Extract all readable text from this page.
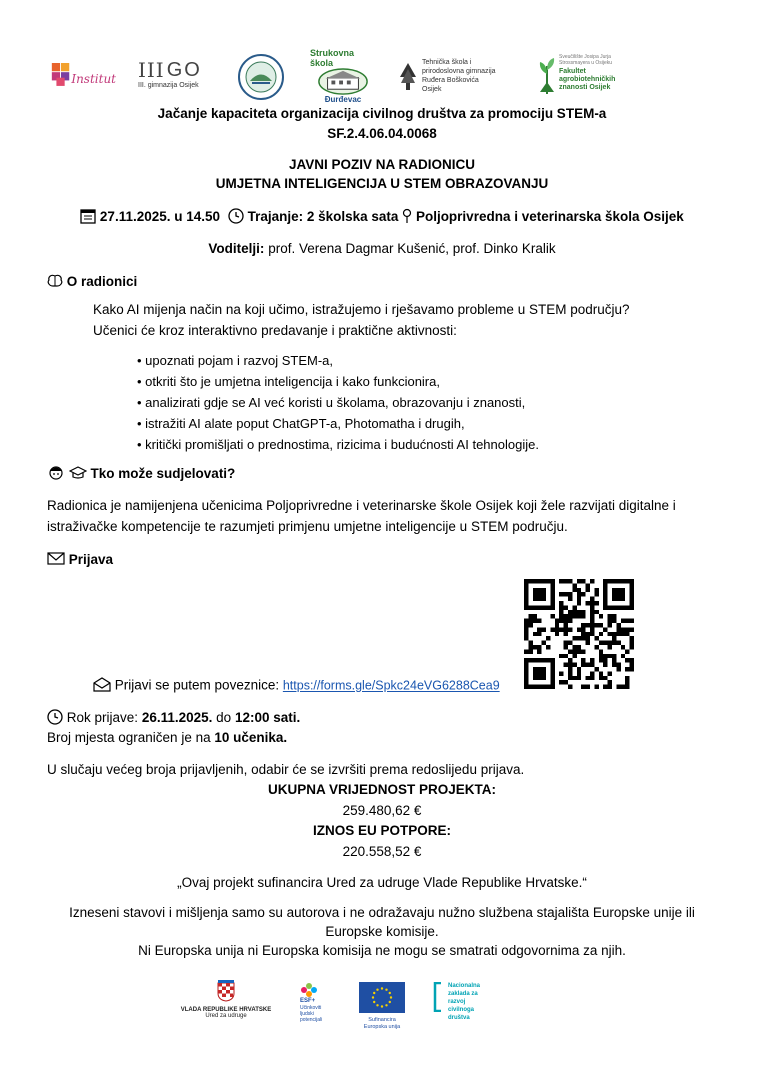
Institut III GO
III. gimnazija Osijek
Strukovna škola
Đurđevac
Tehnička škola i
prirodoslovna gimnazija
Ruđera Boškovića
Osijek
Sveučilište Josipa Jurja
Strossmayera u Osijeku
Fakultet
agrobiotehničkih
znanosti Osijek
Jačanje kapaciteta organizacija civilnog društva za promociju STEM-a
SF.2.4.06.04.0068
JAVNI POZIV NA RADIONICU
UMJETNA INTELIGENCIJA U STEM OBRAZOVANJU
27.11.2025. u 14.50 Trajanje: 2 školska sata Poljoprivredna i veterinarska škola Osijek
Voditelji: prof. Verena Dagmar Kušenić, prof. Dinko Kralik
O radionici
Kako AI mijenja način na koji učimo, istražujemo i rješavamo probleme u STEM području?
Učenici će kroz interaktivno predavanje i praktične aktivnosti:
• upoznati pojam i razvoj STEM-a,
• otkriti što je umjetna inteligencija i kako funkcionira,
• analizirati gdje se AI već koristi u školama, obrazovanju i znanosti,
• istražiti AI alate poput ChatGPT-a, Photomatha i drugih,
• kritički promišljati o prednostima, rizicima i budućnosti AI tehnologije.
Tko može sudjelovati?
Radionica je namijenjena učenicima Poljoprivredne i veterinarske škole Osijek koji žele razvijati digitalne i
istraživačke kompetencije te razumjeti primjenu umjetne inteligencije u STEM području.
Prijava
Prijavi se putem poveznice: https://forms.gle/Spkc24eVG6288Cea9
Rok prijave: 26.11.2025. do 12:00 sati.
Broj mjesta ograničen je na 10 učenika.
U slučaju većeg broja prijavljenih, odabir će se izvršiti prema redoslijedu prijava.
UKUPNA VRIJEDNOST PROJEKTA:
259.480,62 €
IZNOS EU POTPORE:
220.558,52 €
„Ovaj projekt sufinancira Ured za udruge Vlade Republike Hrvatske.“
Izneseni stavovi i mišljenja samo su autorova i ne odražavaju nužno službena stajališta Europske unije ili
Europske komisije.
Ni Europska unija ni Europska komisija ne mogu se smatrati odgovornima za njih.
VLADA REPUBLIKE HRVATSKE
Ured za udruge
ESF+
Učinkoviti
ljudski
potencijali	Sufinancira
Europska unija
Nacionalna
zaklada za
razvoj
civilnoga
društva
